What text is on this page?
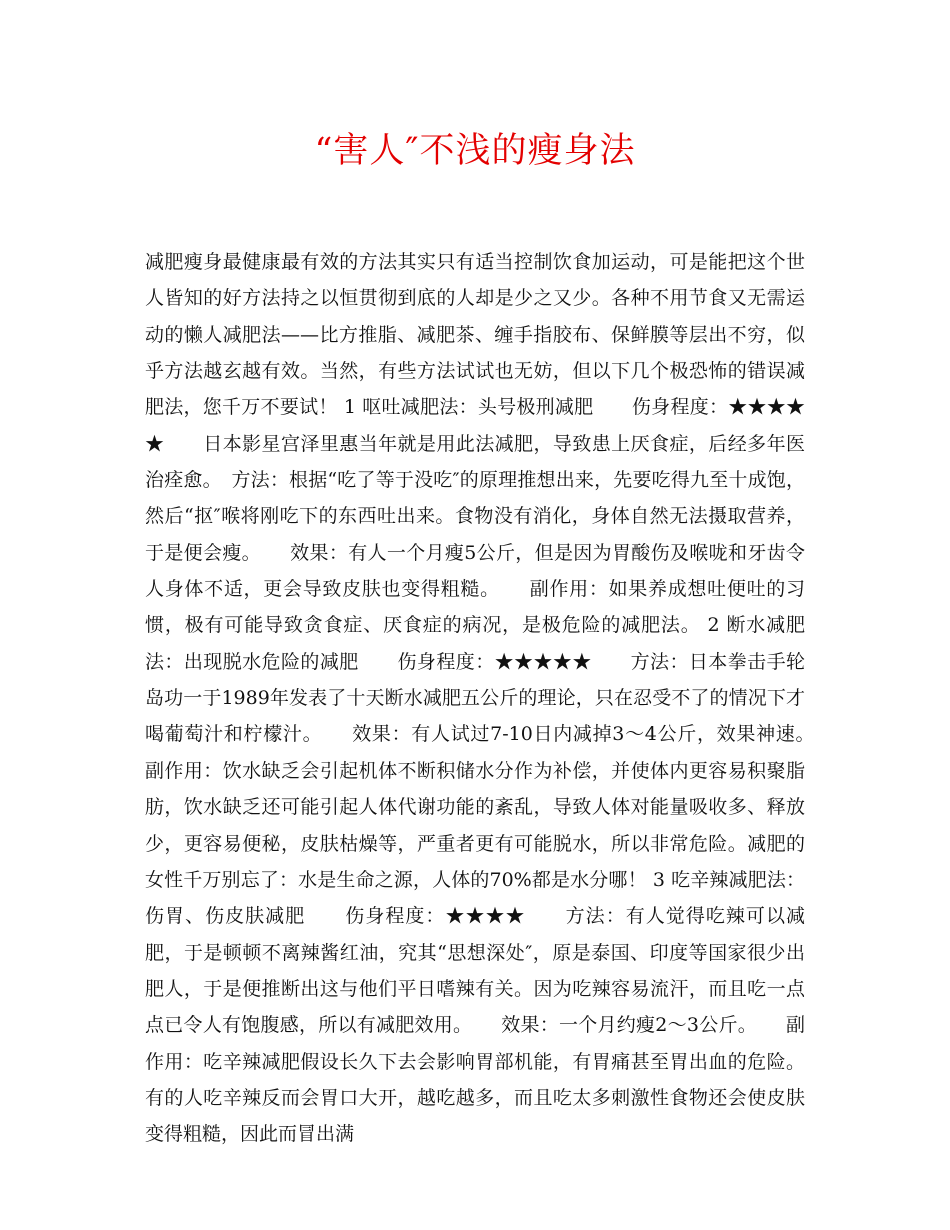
“害人″不浅的瘦身法

减肥瘦身最健康最有效的方法其实只有适当控制饮食加运动，可是能把这个世人皆知的好方法持之以恒贯彻到底的人却是少之又少。各种不用节食又无需运动的懒人减肥法——比方推脂、减肥茶、缠手指胶布、保鲜膜等层出不穷，似乎方法越玄越有效。当然，有些方法试试也无妨，但以下几个极恐怖的错误减肥法，您千万不要试！ 1 呕吐减肥法：头号极刑减肥　　伤身程度：★★★★★　　日本影星宫泽里惠当年就是用此法减肥，导致患上厌食症，后经多年医治痊愈。　方法：根据“吃了等于没吃″的原理推想出来，先要吃得九至十成饱，然后“抠″喉将刚吃下的东西吐出来。食物没有消化，身体自然无法摄取营养，于是便会瘦。　　效果：有人一个月瘦5公斤，但是因为胃酸伤及喉咙和牙齿令人身体不适，更会导致皮肤也变得粗糙。　　副作用：如果养成想吐便吐的习惯，极有可能导致贪食症、厌食症的病况，是极危险的减肥法。 2 断水减肥法：出现脱水危险的减肥　　伤身程度：★★★★★　　方法：日本拳击手轮岛功一于1989年发表了十天断水减肥五公斤的理论，只在忍受不了的情况下才喝葡萄汁和柠檬汁。　　效果：有人试过7-10日内减掉3～4公斤，效果神速。　　副作用：饮水缺乏会引起机体不断积储水分作为补偿，并使体内更容易积聚脂肪，饮水缺乏还可能引起人体代谢功能的紊乱，导致人体对能量吸收多、释放少，更容易便秘，皮肤枯燥等，严重者更有可能脱水，所以非常危险。减肥的女性千万别忘了：水是生命之源，人体的70%都是水分哪！ 3 吃辛辣减肥法：伤胃、伤皮肤减肥　　伤身程度：★★★★　　方法：有人觉得吃辣可以减肥，于是顿顿不离辣酱红油，究其“思想深处″，原是泰国、印度等国家很少出肥人，于是便推断出这与他们平日嗜辣有关。因为吃辣容易流汗，而且吃一点点已令人有饱腹感，所以有减肥效用。　　效果：一个月约瘦2～3公斤。　　副作用：吃辛辣减肥假设长久下去会影响胃部机能，有胃痛甚至胃出血的危险。有的人吃辛辣反而会胃口大开，越吃越多，而且吃太多刺激性食物还会使皮肤变得粗糙，因此而冒出满
